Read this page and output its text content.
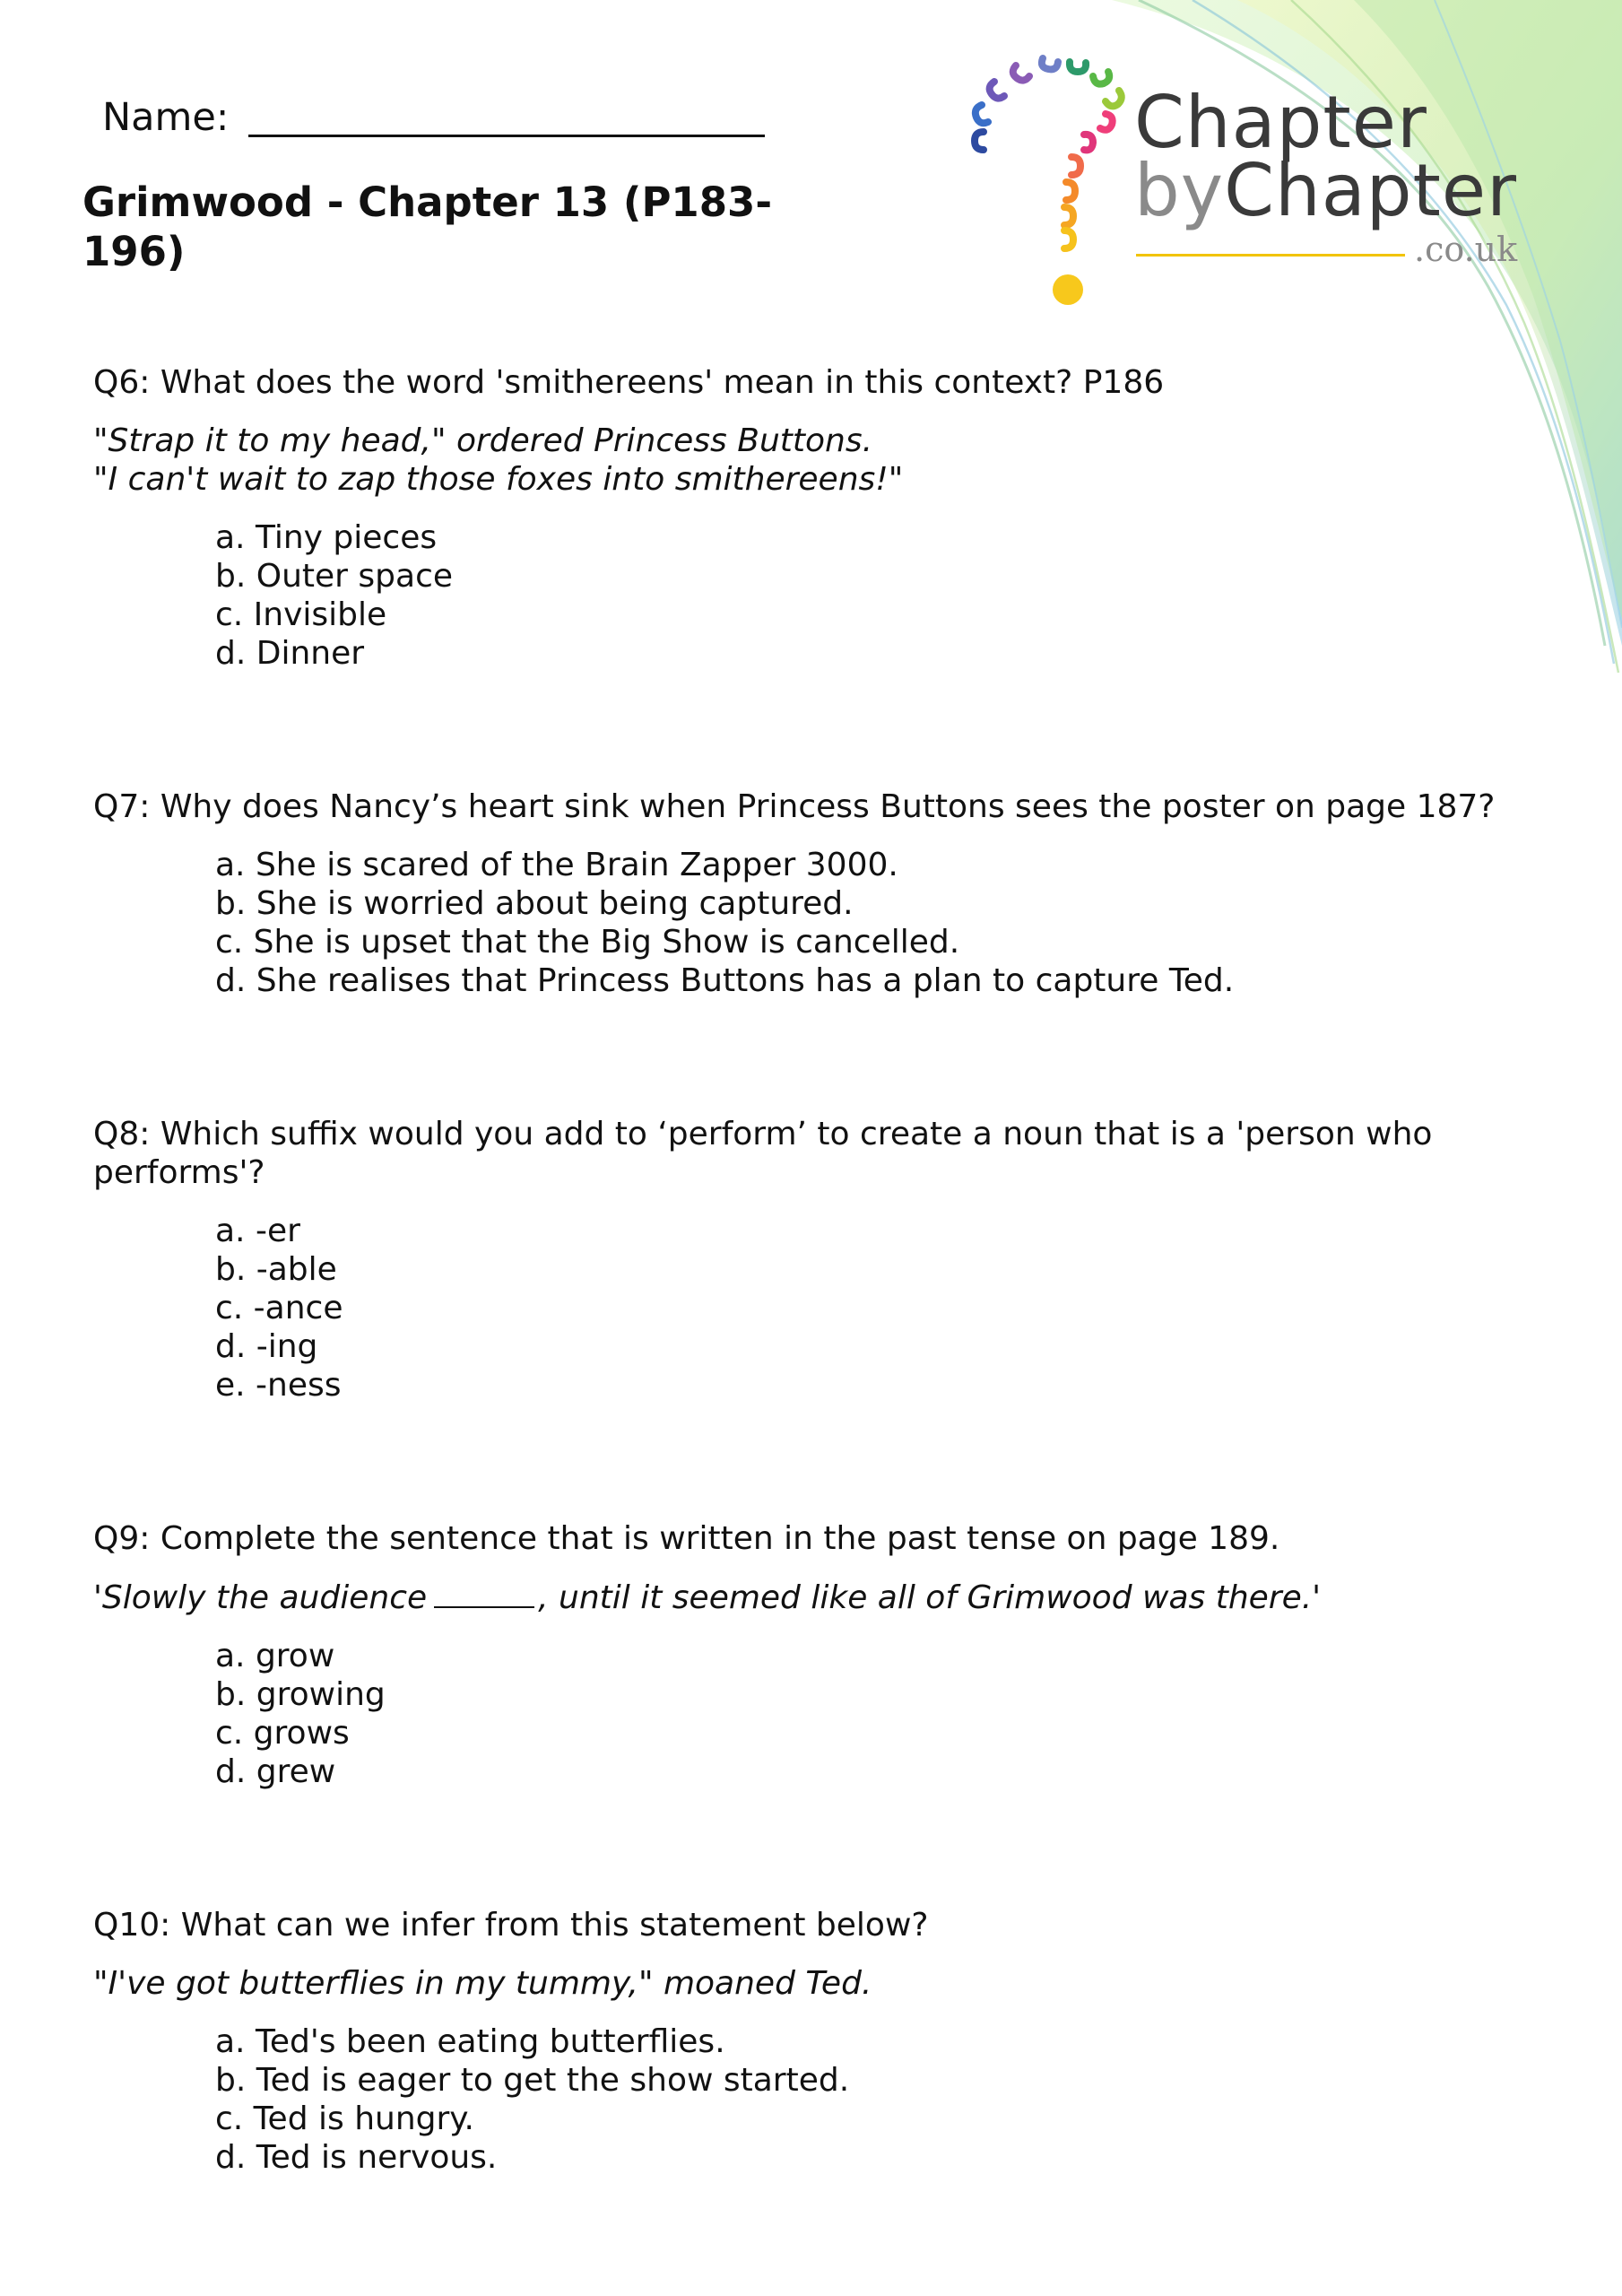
Name:
Grimwood - Chapter 13 (P183-196)
Chapter
byChapter
.co.uk

Q6: What does the word 'smithereens' mean in this context? P186

"Strap it to my head," ordered Princess Buttons.
"I can't wait to zap those foxes into smithereens!"

a. Tiny pieces
b. Outer space
c. Invisible
d. Dinner

Q7: Why does Nancy’s heart sink when Princess Buttons sees the poster on page 187?

a. She is scared of the Brain Zapper 3000.
b. She is worried about being captured.
c. She is upset that the Big Show is cancelled.
d. She realises that Princess Buttons has a plan to capture Ted.

Q8: Which suffix would you add to ‘perform’ to create a noun that is a 'person who performs'?

a. -er
b. -able
c. -ance
d. -ing
e. -ness

Q9: Complete the sentence that is written in the past tense on page 189.

'Slowly the audience	, until it seemed like all of Grimwood was there.'

a. grow
b. growing
c. grows
d. grew

Q10: What can we infer from this statement below?

"I've got butterflies in my tummy," moaned Ted.

a. Ted's been eating butterflies.
b. Ted is eager to get the show started.
c. Ted is hungry.
d. Ted is nervous.
